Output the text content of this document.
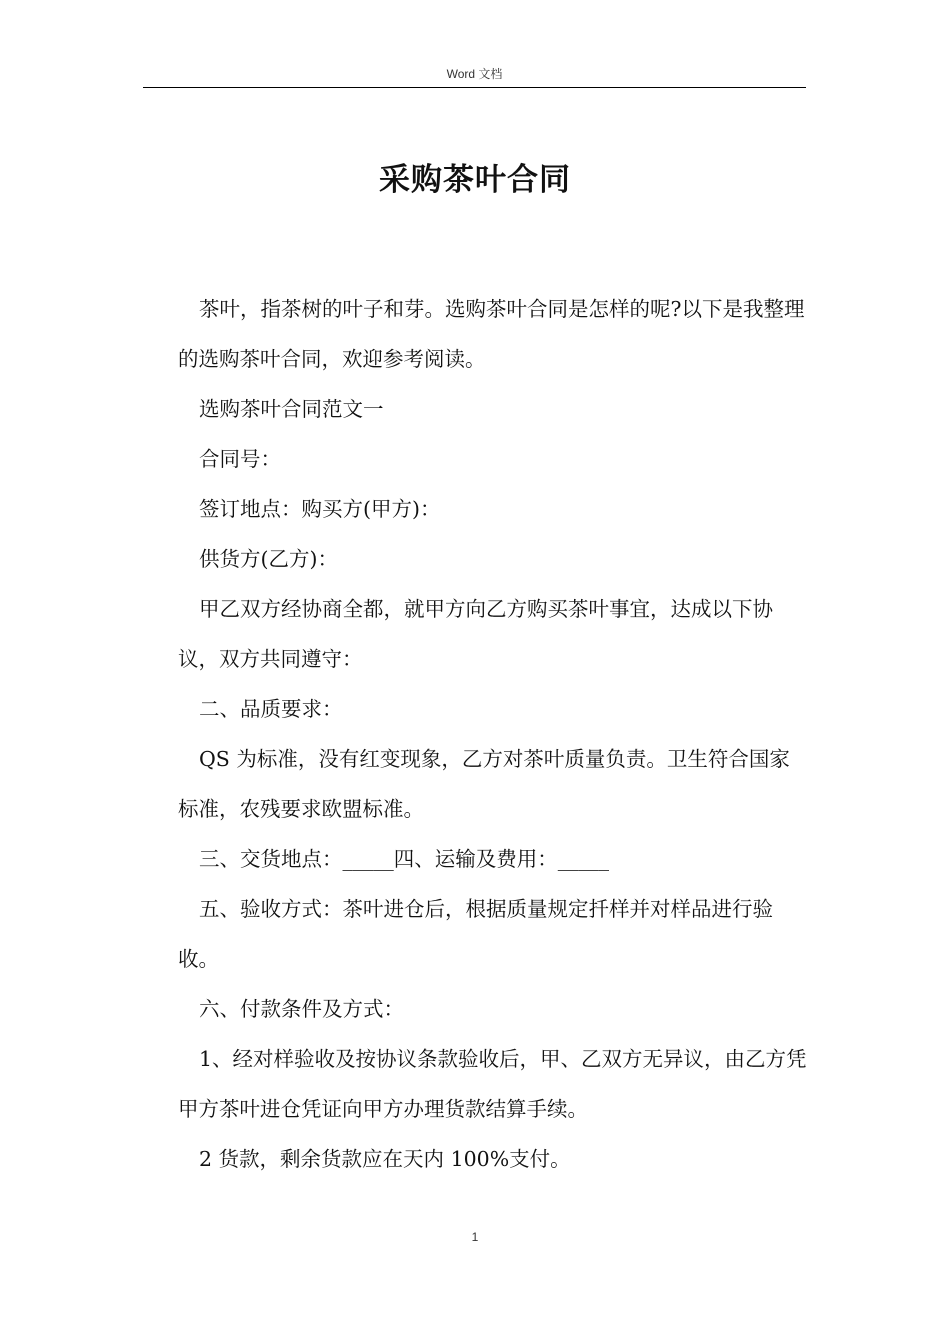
Word 文档
采购茶叶合同

茶叶，指茶树的叶子和芽。选购茶叶合同是怎样的呢?以下是我整理的选购茶叶合同，欢迎参考阅读。

选购茶叶合同范文一

合同号：

签订地点：购买方(甲方)：

供货方(乙方)：

甲乙双方经协商全都，就甲方向乙方购买茶叶事宜，达成以下协议，双方共同遵守：

二、品质要求：

QS 为标准，没有红变现象，乙方对茶叶质量负责。卫生符合国家标准，农残要求欧盟标准。

三、交货地点：_____四、运输及费用：_____

五、验收方式：茶叶进仓后，根据质量规定扦样并对样品进行验收。

六、付款条件及方式：

1、经对样验收及按协议条款验收后，甲、乙双方无异议，由乙方凭甲方茶叶进仓凭证向甲方办理货款结算手续。

2 货款，剩余货款应在天内 100%支付。

1
